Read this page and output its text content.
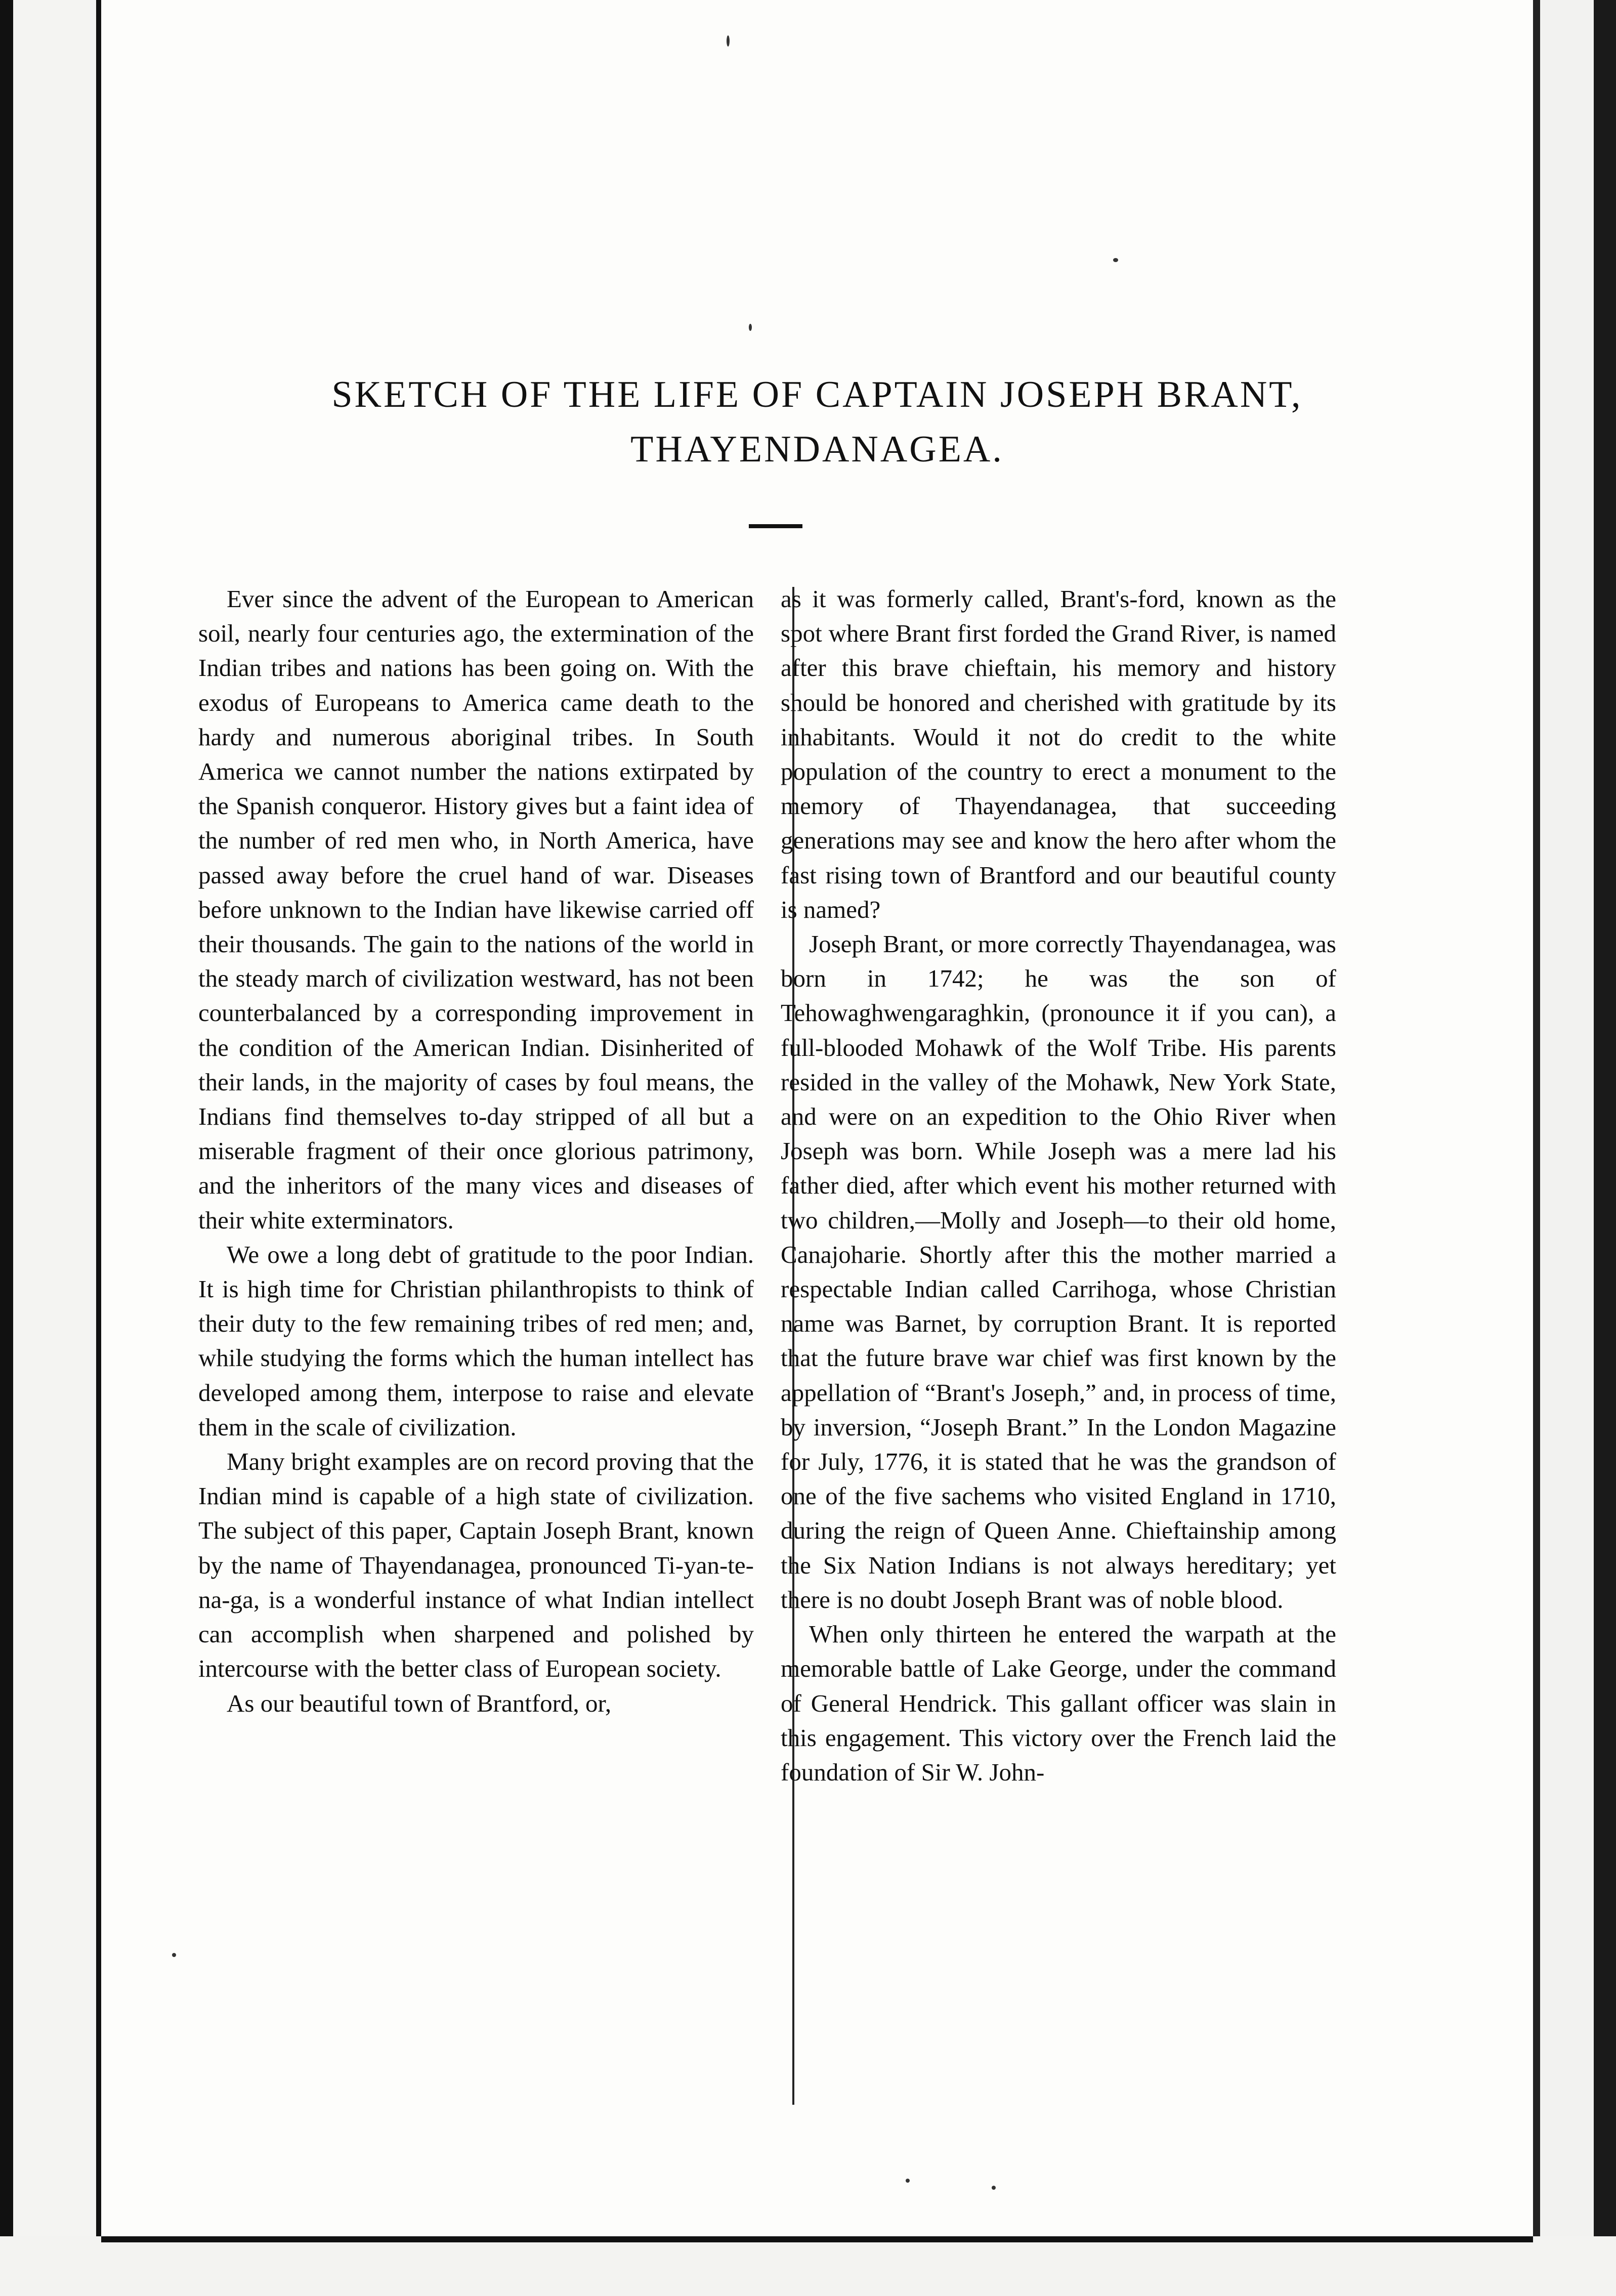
SKETCH OF THE LIFE OF CAPTAIN JOSEPH BRANT,
THAYENDANAGEA.

Ever since the advent of the European to American soil, nearly four centuries ago, the extermination of the Indian tribes and nations has been going on. With the exodus of Europeans to America came death to the hardy and numerous aboriginal tribes. In South America we cannot number the nations extirpated by the Spanish conqueror. History gives but a faint idea of the number of red men who, in North America, have passed away before the cruel hand of war. Diseases before unknown to the Indian have likewise carried off their thousands. The gain to the nations of the world in the steady march of civilization westward, has not been counterbalanced by a corresponding improvement in the condition of the American Indian. Disinherited of their lands, in the majority of cases by foul means, the Indians find themselves to-day stripped of all but a miserable fragment of their once glorious patrimony, and the inheritors of the many vices and diseases of their white exterminators.

We owe a long debt of gratitude to the poor Indian. It is high time for Christian philanthropists to think of their duty to the few remaining tribes of red men; and, while studying the forms which the human intellect has developed among them, interpose to raise and elevate them in the scale of civilization.

Many bright examples are on record proving that the Indian mind is capable of a high state of civilization. The subject of this paper, Captain Joseph Brant, known by the name of Thayendanagea, pronounced Ti-yan-te-na-ga, is a wonderful instance of what Indian intellect can accomplish when sharpened and polished by intercourse with the better class of European society.

As our beautiful town of Brantford, or,

as it was formerly called, Brant's-ford, known as the spot where Brant first forded the Grand River, is named after this brave chieftain, his memory and history should be honored and cherished with gratitude by its inhabitants. Would it not do credit to the white population of the country to erect a monument to the memory of Thayendanagea, that succeeding generations may see and know the hero after whom the fast rising town of Brantford and our beautiful county is named?

Joseph Brant, or more correctly Thayendanagea, was born in 1742; he was the son of Tehowaghwengaraghkin, (pronounce it if you can), a full-blooded Mohawk of the Wolf Tribe. His parents resided in the valley of the Mohawk, New York State, and were on an expedition to the Ohio River when Joseph was born. While Joseph was a mere lad his father died, after which event his mother returned with two children,—Molly and Joseph—to their old home, Canajoharie. Shortly after this the mother married a respectable Indian called Carrihoga, whose Christian name was Barnet, by corruption Brant. It is reported that the future brave war chief was first known by the appellation of “Brant's Joseph,” and, in process of time, by inversion, “Joseph Brant.” In the London Magazine for July, 1776, it is stated that he was the grandson of one of the five sachems who visited England in 1710, during the reign of Queen Anne. Chieftainship among the Six Nation Indians is not always hereditary; yet there is no doubt Joseph Brant was of noble blood.

When only thirteen he entered the warpath at the memorable battle of Lake George, under the command of General Hendrick. This gallant officer was slain in this engagement. This victory over the French laid the foundation of Sir W. John-
